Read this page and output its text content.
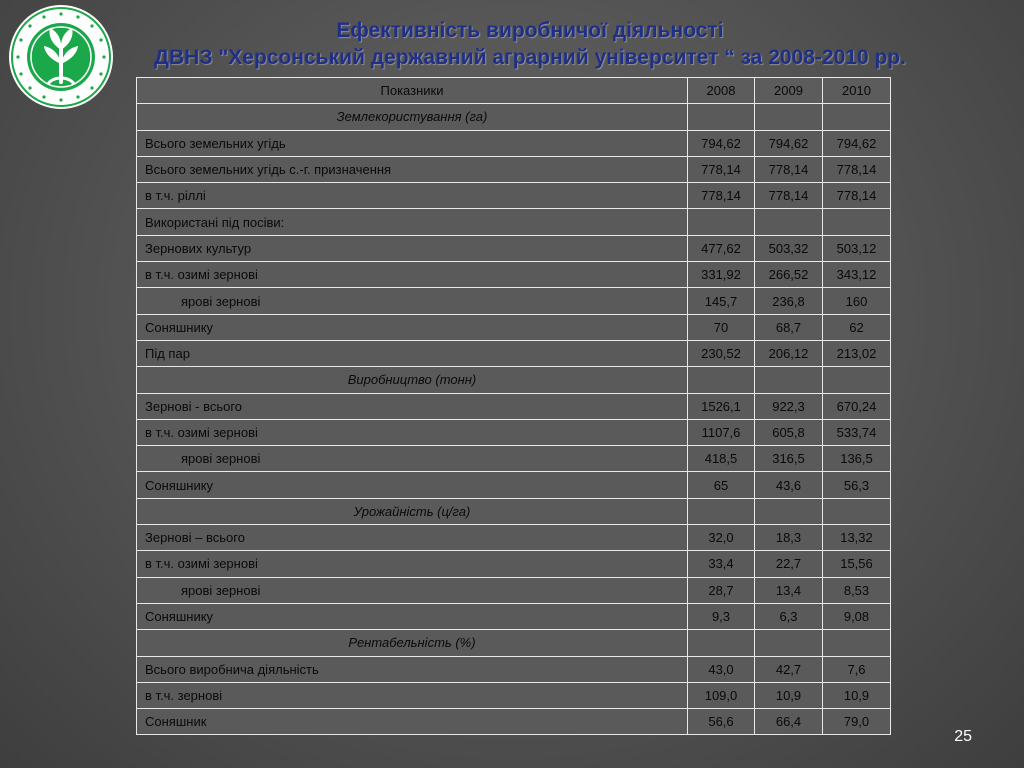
Ефективність виробничої діяльності
ДВНЗ "Херсонський державний аграрний університет “ за 2008-2010 рр.
Показники	2008	2009	2010
Землекористування (га)			
Всього земельних угідь	794,62	794,62	794,62
Всього земельних угідь с.-г. призначення	778,14	778,14	778,14
в т.ч. ріллі	778,14	778,14	778,14
Використані під посіви:			
Зернових культур	477,62	503,32	503,12
в т.ч. озимі зернові	331,92	266,52	343,12
ярові зернові	145,7	236,8	160
Соняшнику	70	68,7	62
Під пар	230,52	206,12	213,02
Виробництво (тонн)			
Зернові - всього	1526,1	922,3	670,24
в т.ч. озимі зернові	1107,6	605,8	533,74
ярові зернові	418,5	316,5	136,5
Соняшнику	65	43,6	56,3
Урожайність (ц/га)			
Зернові – всього	32,0	18,3	13,32
в т.ч. озимі зернові	33,4	22,7	15,56
ярові зернові	28,7	13,4	8,53
Соняшнику	9,3	6,3	9,08
Рентабельність (%)			
Всього виробнича діяльність	43,0	42,7	7,6
в т.ч. зернові	109,0	10,9	10,9
Соняшник	56,6	66,4	79,0
25
